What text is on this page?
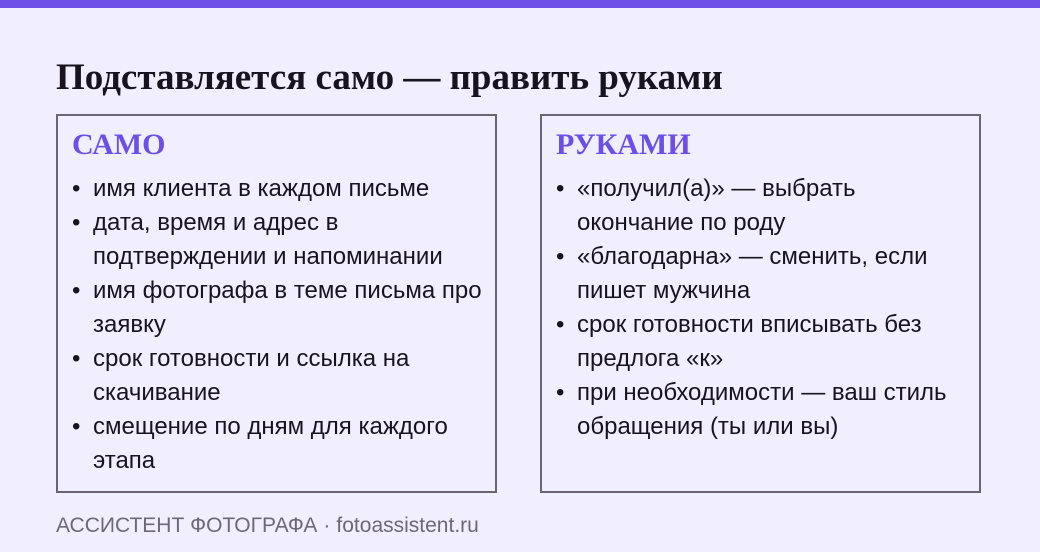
Подставляется само — править руками
САМО
• имя клиента в каждом письме
• дата, время и адрес в подтверждении и напоминании
• имя фотографа в теме письма про заявку
• срок готовности и ссылка на скачивание
• смещение по дням для каждого этапа
РУКАМИ
• «получил(а)» — выбрать окончание по роду
• «благодарна» — сменить, если пишет мужчина
• срок готовности вписывать без предлога «к»
• при необходимости — ваш стиль обращения (ты или вы)
АССИСТЕНТ ФОТОГРАФА · fotoassistent.ru
